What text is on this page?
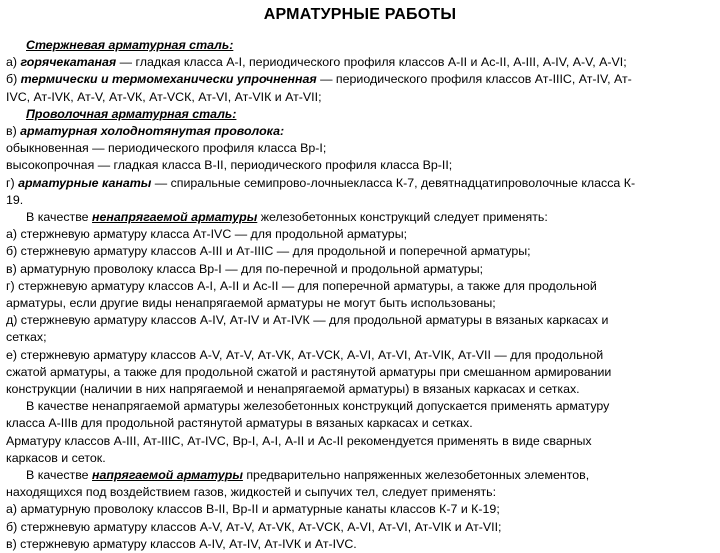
АРМАТУРНЫЕ РАБОТЫ
Стержневая арматурная сталь:
а) горячекатаная — гладкая класса А-I, периодического профиля классов А-II и Ас-II, А-III, А-IV, А-V, А-VI;
б) термически и термомеханически упрочненная — периодического профиля классов Ат-IIIС, Ат-IV, Ат-
IVС, Ат-IVК, Ат-V, Ат-VК, Ат-VСК, Ат-VI, Ат-VIК и Ат-VII;
Проволочная арматурная сталь:
в) арматурная холоднотянутая проволока:
обыкновенная — периодического профиля класса Вр-I;
высокопрочная — гладкая класса В-II, периодического профиля класса Вр-II;
г) арматурные канаты — спиральные семипрово-лочныекласса К-7, девятнадцатипроволочные класса К-
19.
В качестве ненапрягаемой арматуры железобетонных конструкций следует применять:
а) стержневую арматуру класса Ат-IVС — для продольной арматуры;
б) стержневую арматуру классов А-III и Ат-IIIС — для продольной и поперечной арматуры;
в) арматурную проволоку класса Вр-I — для по-перечной и продольной арматуры;
г) стержневую арматуру классов А-I, А-II и Ас-II — для поперечной арматуры, а также для продольной
арматуры, если другие виды ненапрягаемой арматуры не могут быть использованы;
д) стержневую арматуру классов А-IV, Ат-IV и Ат-IVК — для продольной арматуры в вязаных каркасах и
сетках;
е) стержневую арматуру классов А-V, Ат-V, Ат-VК, Ат-VСК, А-VI, Ат-VI, Ат-VIК, Ат-VII — для продольной
сжатой арматуры, а также для продольной сжатой и растянутой арматуры при смешанном армировании
конструкции (наличии в них напрягаемой и ненапрягаемой арматуры) в вязаных каркасах и сетках.
В качестве ненапрягаемой арматуры железобетонных конструкций допускается применять арматуру
класса А-IIIв для продольной растянутой арматуры в вязаных каркасах и сетках.
Арматуру классов А-III, Ат-IIIС, Ат-IVС, Вр-I, А-I, А-II и Ас-II рекомендуется применять в виде сварных
каркасов и сеток.
В качестве напрягаемой арматуры предварительно напряженных железобетонных элементов,
находящихся под воздействием газов, жидкостей и сыпучих тел, следует применять:
а) арматурную проволоку классов В-II, Вр-II и арматурные канаты классов К-7 и К-19;
б) стержневую арматуру классов А-V, Ат-V, Ат-VК, Ат-VСК, А-VI, Ат-VI, Ат-VIК и Ат-VII;
в) стержневую арматуру классов А-IV, Ат-IV, Ат-IVК и Ат-IVС.
